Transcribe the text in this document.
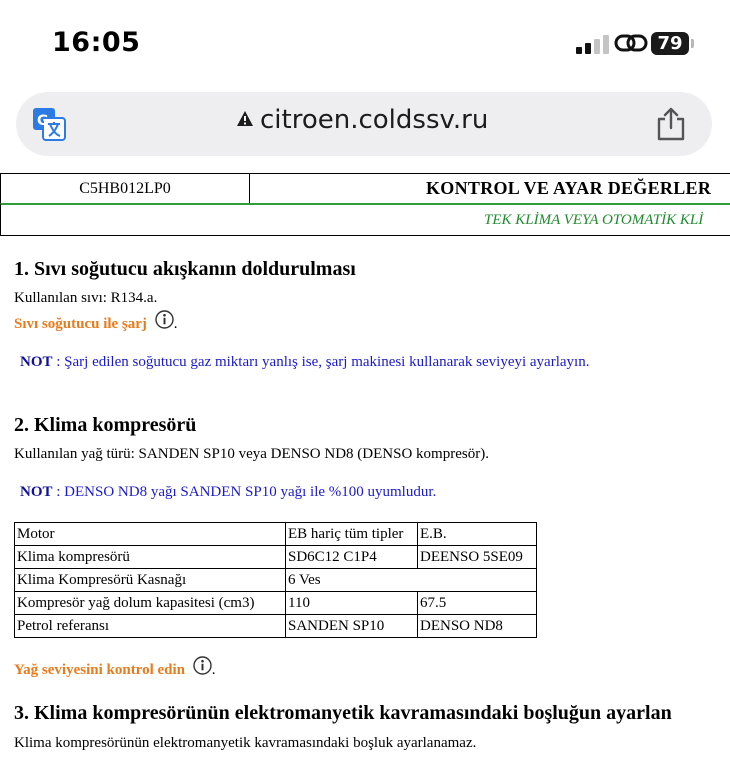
16:05	79
G	citroen.coldssv.ru
C5HB012LP0	KONTROL VE AYAR DEĞERLER
TEK KLİMA VEYA OTOMATİK KLİ
1. Sıvı soğutucu akışkanın doldurulması
Kullanılan sıvı: R134.a.
Sıvı soğutucu ile şarj .
NOT : Şarj edilen soğutucu gaz miktarı yanlış ise, şarj makinesi kullanarak seviyeyi ayarlayın.
2. Klima kompresörü
Kullanılan yağ türü: SANDEN SP10 veya DENSO ND8 (DENSO kompresör).
NOT : DENSO ND8 yağı SANDEN SP10 yağı ile %100 uyumludur.
Motor	EB hariç tüm tipler	E.B.
Klima kompresörü	SD6C12 C1P4	DEENSO 5SE09
Klima Kompresörü Kasnağı	6 Ves	
Kompresör yağ dolum kapasitesi (cm3)	110	67.5
Petrol referansı	SANDEN SP10	DENSO ND8
Yağ seviyesini kontrol edin .
3. Klima kompresörünün elektromanyetik kavramasındaki boşluğun ayarlan
Klima kompresörünün elektromanyetik kavramasındaki boşluk ayarlanamaz.
